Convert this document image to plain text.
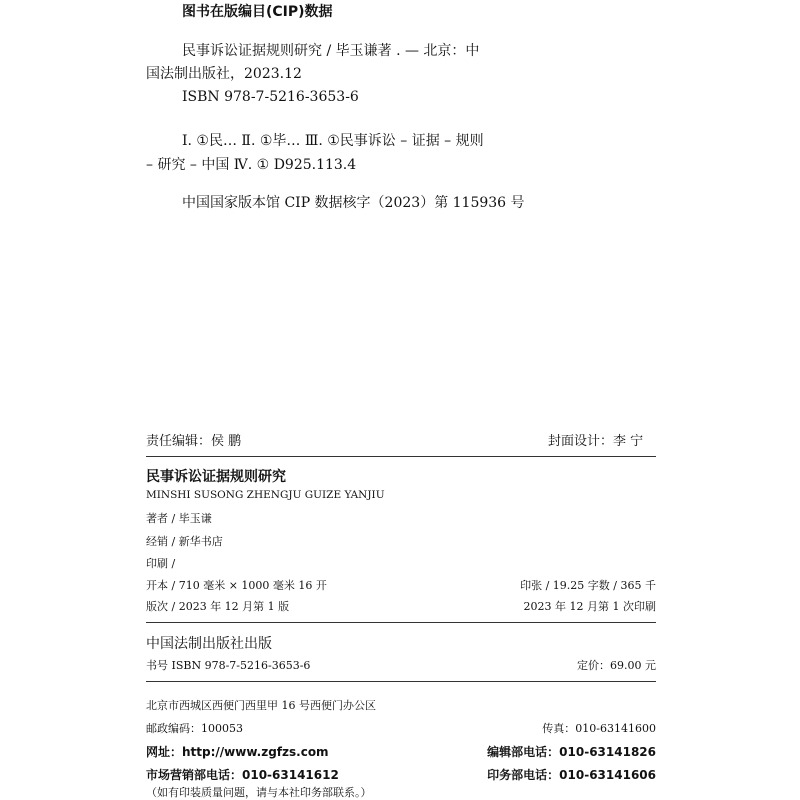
图书在版编目(CIP)数据
民事诉讼证据规则研究 / 毕玉谦著 . — 北京：中
国法制出版社，2023.12
ISBN 978-7-5216-3653-6
Ⅰ. ①民… Ⅱ. ①毕… Ⅲ. ①民事诉讼 – 证据 – 规则
– 研究 – 中国 Ⅳ. ① D925.113.4
中国国家版本馆 CIP 数据核字（2023）第 115936 号
责任编辑：侯 鹏	封面设计：李 宁
民事诉讼证据规则研究
MINSHI SUSONG ZHENGJU GUIZE YANJIU
著者 / 毕玉谦
经销 / 新华书店
印刷 /
开本 / 710 毫米 × 1000 毫米 16 开	印张 / 19.25 字数 / 365 千
版次 / 2023 年 12 月第 1 版	2023 年 12 月第 1 次印刷
中国法制出版社出版
书号 ISBN 978-7-5216-3653-6	定价：69.00 元
北京市西城区西便门西里甲 16 号西便门办公区
邮政编码：100053	传真：010-63141600
网址：http://www.zgfzs.com	编辑部电话：010-63141826
市场营销部电话：010-63141612	印务部电话：010-63141606
（如有印装质量问题，请与本社印务部联系。）
